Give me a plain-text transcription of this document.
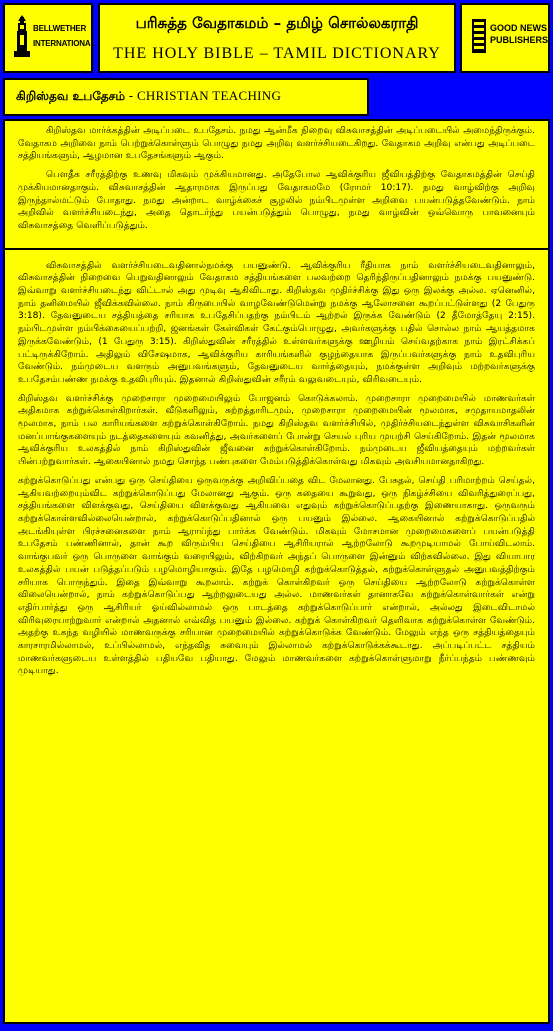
BELLWETHER
INTERNATIONAL
பரிசுத்த வேதாகமம் – தமிழ் சொல்லகராதி
THE HOLY BIBLE – TAMIL DICTIONARY
GOOD NEWS
PUBLISHERS
கிறிஸ்தவ உபதேசம் - CHRISTIAN TEACHING

கிறிஸ்தவ மார்க்கத்தின் அடிப்படை உபதேசம். நமது ஆன்மீக நிறைவு விசுவாசத்தின் அடிப்படையில் அமைந்திருக்கும். வேதாகம அறிவை நாம் பெற்றுக்கொள்ளும் பொழுது நமது அறிவு வளர்ச்சியடைகிறது. வேதாகம அறிவு என்பது அடிப்படை சத்தியங்களும், ஆழமான உபதேசங்களும் ஆகும்.

பௌதீக சரீரத்திற்கு உணவு மிகவும் முக்கியமானது. அதேபோல ஆவிக்குரிய ஜீவியத்திற்கு வேதாகமத்தின் செய்தி முக்கியமானதாகும். விசுவாசத்தின் ஆதாரமாக இருப்பது வேதாகமமே (ரோமர் 10:17). நமது வாழ்விற்கு அறிவு இருந்தால்மட்டும் போதாது. நமது அன்றாட வாழ்க்கைச் சூழலில் நம்பிடமுள்ள அறிவை பயன்படுத்தவேண்டும். நாம் அறிவில் வளர்ச்சியடைந்து, அதை தொடர்ந்து பயன்படுத்தும் பொழுது, நமது வாழ்வின் ஒவ்வொரு பாவனையும் விசுவாசத்தை வெளிப்படுத்தும்.

விசுவாசத்தில் வளர்ச்சியடைவதினால்நமக்கு பயனுண்டு. ஆவிக்குரிய ரீதியாக நாம் வளர்ச்சியடைவதினாலும், விசுவாசத்தின் நிறைவை பெறுவதினாலும் வேதாகம சத்தியங்களை பலவற்றை தெரிந்திருப்பதினாலும் நமக்கு பயனுண்டு. இவ்வாறு வளர்ச்சியடைந்து விட்டால் அது முடிவு ஆகிவிடாது. கிறிஸ்தவ முதிர்ச்சிக்கு இது ஒரு இலக்கு அல்ல. ஏனெனில், நாம் தனிமையில் ஜீவிக்கவில்லை. நாம் கிருபையில் வாழவேண்டுமென்று நமக்கு ஆலோசனை கூறப்பட்டுள்ளது (2 பேதுரு 3:18). தேவனுடைய சத்தியத்தை சரியாக உபதேசிப்பதற்கு நம்பிடம் ஆற்றல் இருக்க வேண்டும் (2 தீமோத்தேயு 2:15). நம்பிடமுள்ள நம்பிக்கையைப்பற்றி, ஜனங்கள் கேள்விகள் கேட்கும்பொழுது, அவர்களுக்கு பதில் சொல்ல நாம் ஆயத்தமாக இருக்கவேண்டும், (1 பேதுரு 3:15). கிறிஸ்துவின் சரீரத்தில் உள்ளவர்களுக்கு ஊழியம் செய்வதற்காக நாம் இரட்சிக்கப் பட்டிருக்கிறோம். அதிலும் விசேஷமாக, ஆவிக்குரிய காரியங்களில் குழந்தையாக இருப்பவர்களுக்கு நாம் உதவிபுரிய வேண்டும். நம்முடைய வளரும் அனுபவங்களும், தேவனுடைய வார்த்தையும், நமக்குள்ள அறிவும் மற்றவர்களுக்கு உபதேசம்பண்ண நமக்கு உதவிபுரியும். இதனால் கிறிஸ்துவின் சரீரம் வலுவடையும், விரிவடையும்.

கிறிஸ்தவ வளர்ச்சிக்கு முறைசாரா முறைமையிலும் போஜனம் கொடுக்கலாம். முறைசாரா முறைமையில் மாணவர்கள் அதிகமாக கற்றுக்கொள்கிறார்கள். வீடுகளிலும், சுற்றத்தாரிடமும், முறைசாரா முறைமையின் மூலமாக, சமுதாயமாதலின் மூலமாக, நாம் பல காரியங்களை கற்றுக்கொள்கிறோம். நமது கிறிஸ்தவ வளர்ச்சியில், முதிர்ச்சியடைந்துள்ள விசுவாசிகளின் மனப்பாங்குகளையும் நடத்தைகளையும் கவனித்து, அவர்களைப் போன்று செயல் புரிய முயற்சி செய்கிறோம். இதன் மூலமாக ஆவிக்குரிய உலகத்தில் நாம் கிறிஸ்துவின் ஜீவனை கற்றுக்கொள்கிறோம். நம்முடைய ஜீவியத்தையும் மற்றவர்கள் பின்பற்றுவார்கள். ஆகையினால் நமது சொந்த பண்புகளை மேம்படுத்திக்கொள்வது மிகவும் அவசியமானதாகிறது.

கற்றுக்கொடுப்பது என்பது ஒரு செய்தியை ஒருவருக்கு அறிவிப்பதை விட மேலானது. பேசுதல், செய்தி பரிமாற்றம் செய்தல், ஆகியவற்றையும்விட கற்றுக்கொடுப்பது மேலானது ஆகும். ஒரு கதையை கூறுவது, ஒரு நிகழ்ச்சியை விவரித்துரைப்பது, சத்தியங்களை விளக்குவது, செய்தியை விளக்குவது ஆகியவை எதுவும் கற்றுக்கொடுப்பதற்கு இணையாகாது. ஒருவரும் கற்றுக்கொள்ளவில்லையென்றால், கற்றுக்கொடுப்பதினால் ஒரு பயனும் இல்லை. ஆகையினால் கற்றுக்கொடுப்பதில் அடங்கியுள்ள பிரச்சனைகளை நாம் ஆராய்ந்து பார்க்க வேண்டும். மிகவும் மோசமான முறைமைகளைப் பயன்படுத்தி உபதேசம் பண்ணினால், தான் கூற விரும்பிய செய்தியை ஆசிரியரால் ஆற்றலோடு கூறமுடியாமல் போய்விடலாம். வாங்குபவர் ஒரு பொருளை வாங்கும் வரையிலும், விற்கிறவர் அந்தப் பொருளை இன்னும் விற்கவில்லை. இது வியாபார உலகத்தில் பயன் படுத்தப்படும் பழமொழியாகும். இதே பழமொழி கற்றுக்கொடுத்தல், கற்றுக்கொள்ளுதல் அனுபவத்திற்கும் சரியாக பொருந்தும். இதை இவ்வாறு கூறலாம். கற்றுக் கொள்கிறவர் ஒரு செய்தியை ஆற்றலோடு கற்றுக்கொள்ள விலையென்றால், நாம் கற்றுக்கொடுப்பது ஆற்றலுடையது அல்ல. மாணவர்கள் தானாகவே கற்றுக்கொள்வார்கள் என்று எதிர்பார்த்து ஒரு ஆசிரியர் ஓய்வில்லாமல் ஒரு பாடத்தை கற்றுக்கொடுப்பார் என்றால், அல்லது இடைவிடாமல் விரிவுரையாற்றுவார் என்றால் அதனால் எவ்வித பயனும் இல்லை. கற்றுக் கொள்கிறவர் தெளிவாக கற்றுக்கொள்ள வேண்டும். அதற்கு உகந்த வழியில் மாணவருக்கு சரியான முறைமையில் கற்றுக்கொடுக்க வேண்டும். மேலும் எந்த ஒரு சத்தியத்தையும் காரசாரமில்லாமல், உப்பில்லாமல், எந்தவித சுவையும் இல்லாமல் கற்றுக்கொடுக்கக்கூடாது. அப்படிப்பட்ட சத்தியம் மாணவர்களுடைய உள்ளத்தில் பதியவே பதியாது. மேலும் மாணவர்களை கற்றுக்கொள்ளுமாறு நீர்ப்பந்தம் பண்ணவும் முடியாது.
